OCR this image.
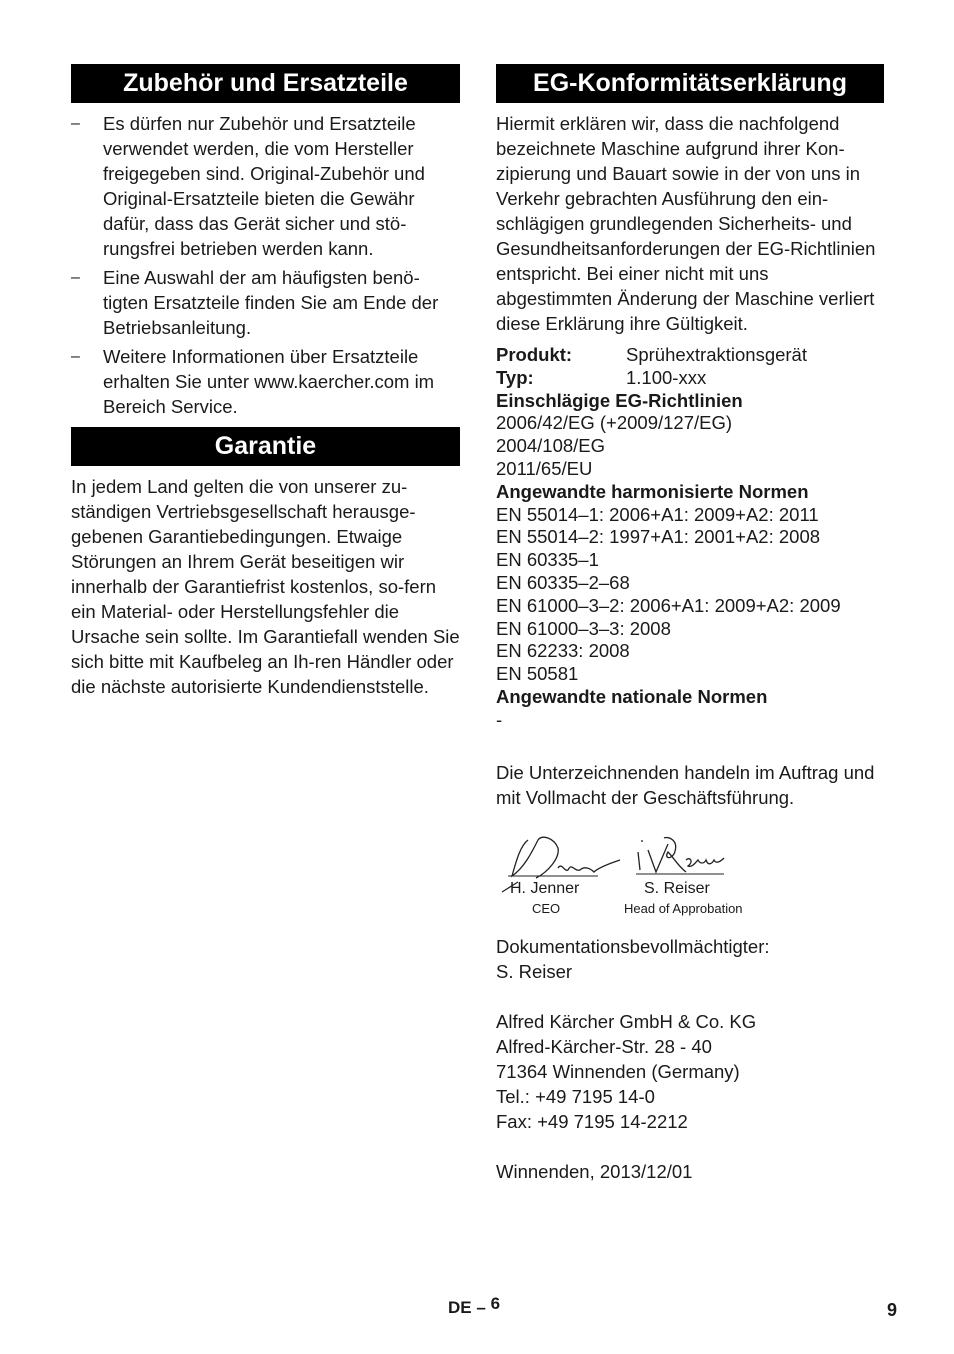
Zubehör und Ersatzteile
– Es dürfen nur Zubehör und Ersatzteile verwendet werden, die vom Hersteller freigegeben sind. Original-Zubehör und Original-Ersatzteile bieten die Gewähr dafür, dass das Gerät sicher und stö-rungsfrei betrieben werden kann.
– Eine Auswahl der am häufigsten benö-tigten Ersatzteile finden Sie am Ende der Betriebsanleitung.
– Weitere Informationen über Ersatzteile erhalten Sie unter www.kaercher.com im Bereich Service.
Garantie

In jedem Land gelten die von unserer zu-ständigen Vertriebsgesellschaft herausge-gebenen Garantiebedingungen. Etwaige Störungen an Ihrem Gerät beseitigen wir innerhalb der Garantiefrist kostenlos, so-fern ein Material- oder Herstellungsfehler die Ursache sein sollte. Im Garantiefall wenden Sie sich bitte mit Kaufbeleg an Ih-ren Händler oder die nächste autorisierte Kundendienststelle.

EG-Konformitätserklärung

Hiermit erklären wir, dass die nachfolgend bezeichnete Maschine aufgrund ihrer Kon-zipierung und Bauart sowie in der von uns in Verkehr gebrachten Ausführung den ein-schlägigen grundlegenden Sicherheits- und Gesundheitsanforderungen der EG-Richtlinien entspricht. Bei einer nicht mit uns abgestimmten Änderung der Maschine verliert diese Erklärung ihre Gültigkeit.

Produkt:	Sprühextraktionsgerät
Typ:	1.100-xxx

Einschlägige EG-Richtlinien

2006/42/EG (+2009/127/EG)

2004/108/EG

2011/65/EU

Angewandte harmonisierte Normen

EN 55014–1: 2006+A1: 2009+A2: 2011

EN 55014–2: 1997+A1: 2001+A2: 2008

EN 60335–1

EN 60335–2–68

EN 61000–3–2: 2006+A1: 2009+A2: 2009

EN 61000–3–3: 2008

EN 62233: 2008

EN 50581

Angewandte nationale Normen

-

Die Unterzeichnenden handeln im Auftrag und mit Vollmacht der Geschäftsführung.

H. Jenner
CEO
S. Reiser
Head of Approbation

Dokumentationsbevollmächtigter:

S. Reiser

Alfred Kärcher GmbH & Co. KG

Alfred-Kärcher-Str. 28 - 40

71364 Winnenden (Germany)

Tel.: +49 7195 14-0

Fax: +49 7195 14-2212

Winnenden, 2013/12/01

DE – 6	9
